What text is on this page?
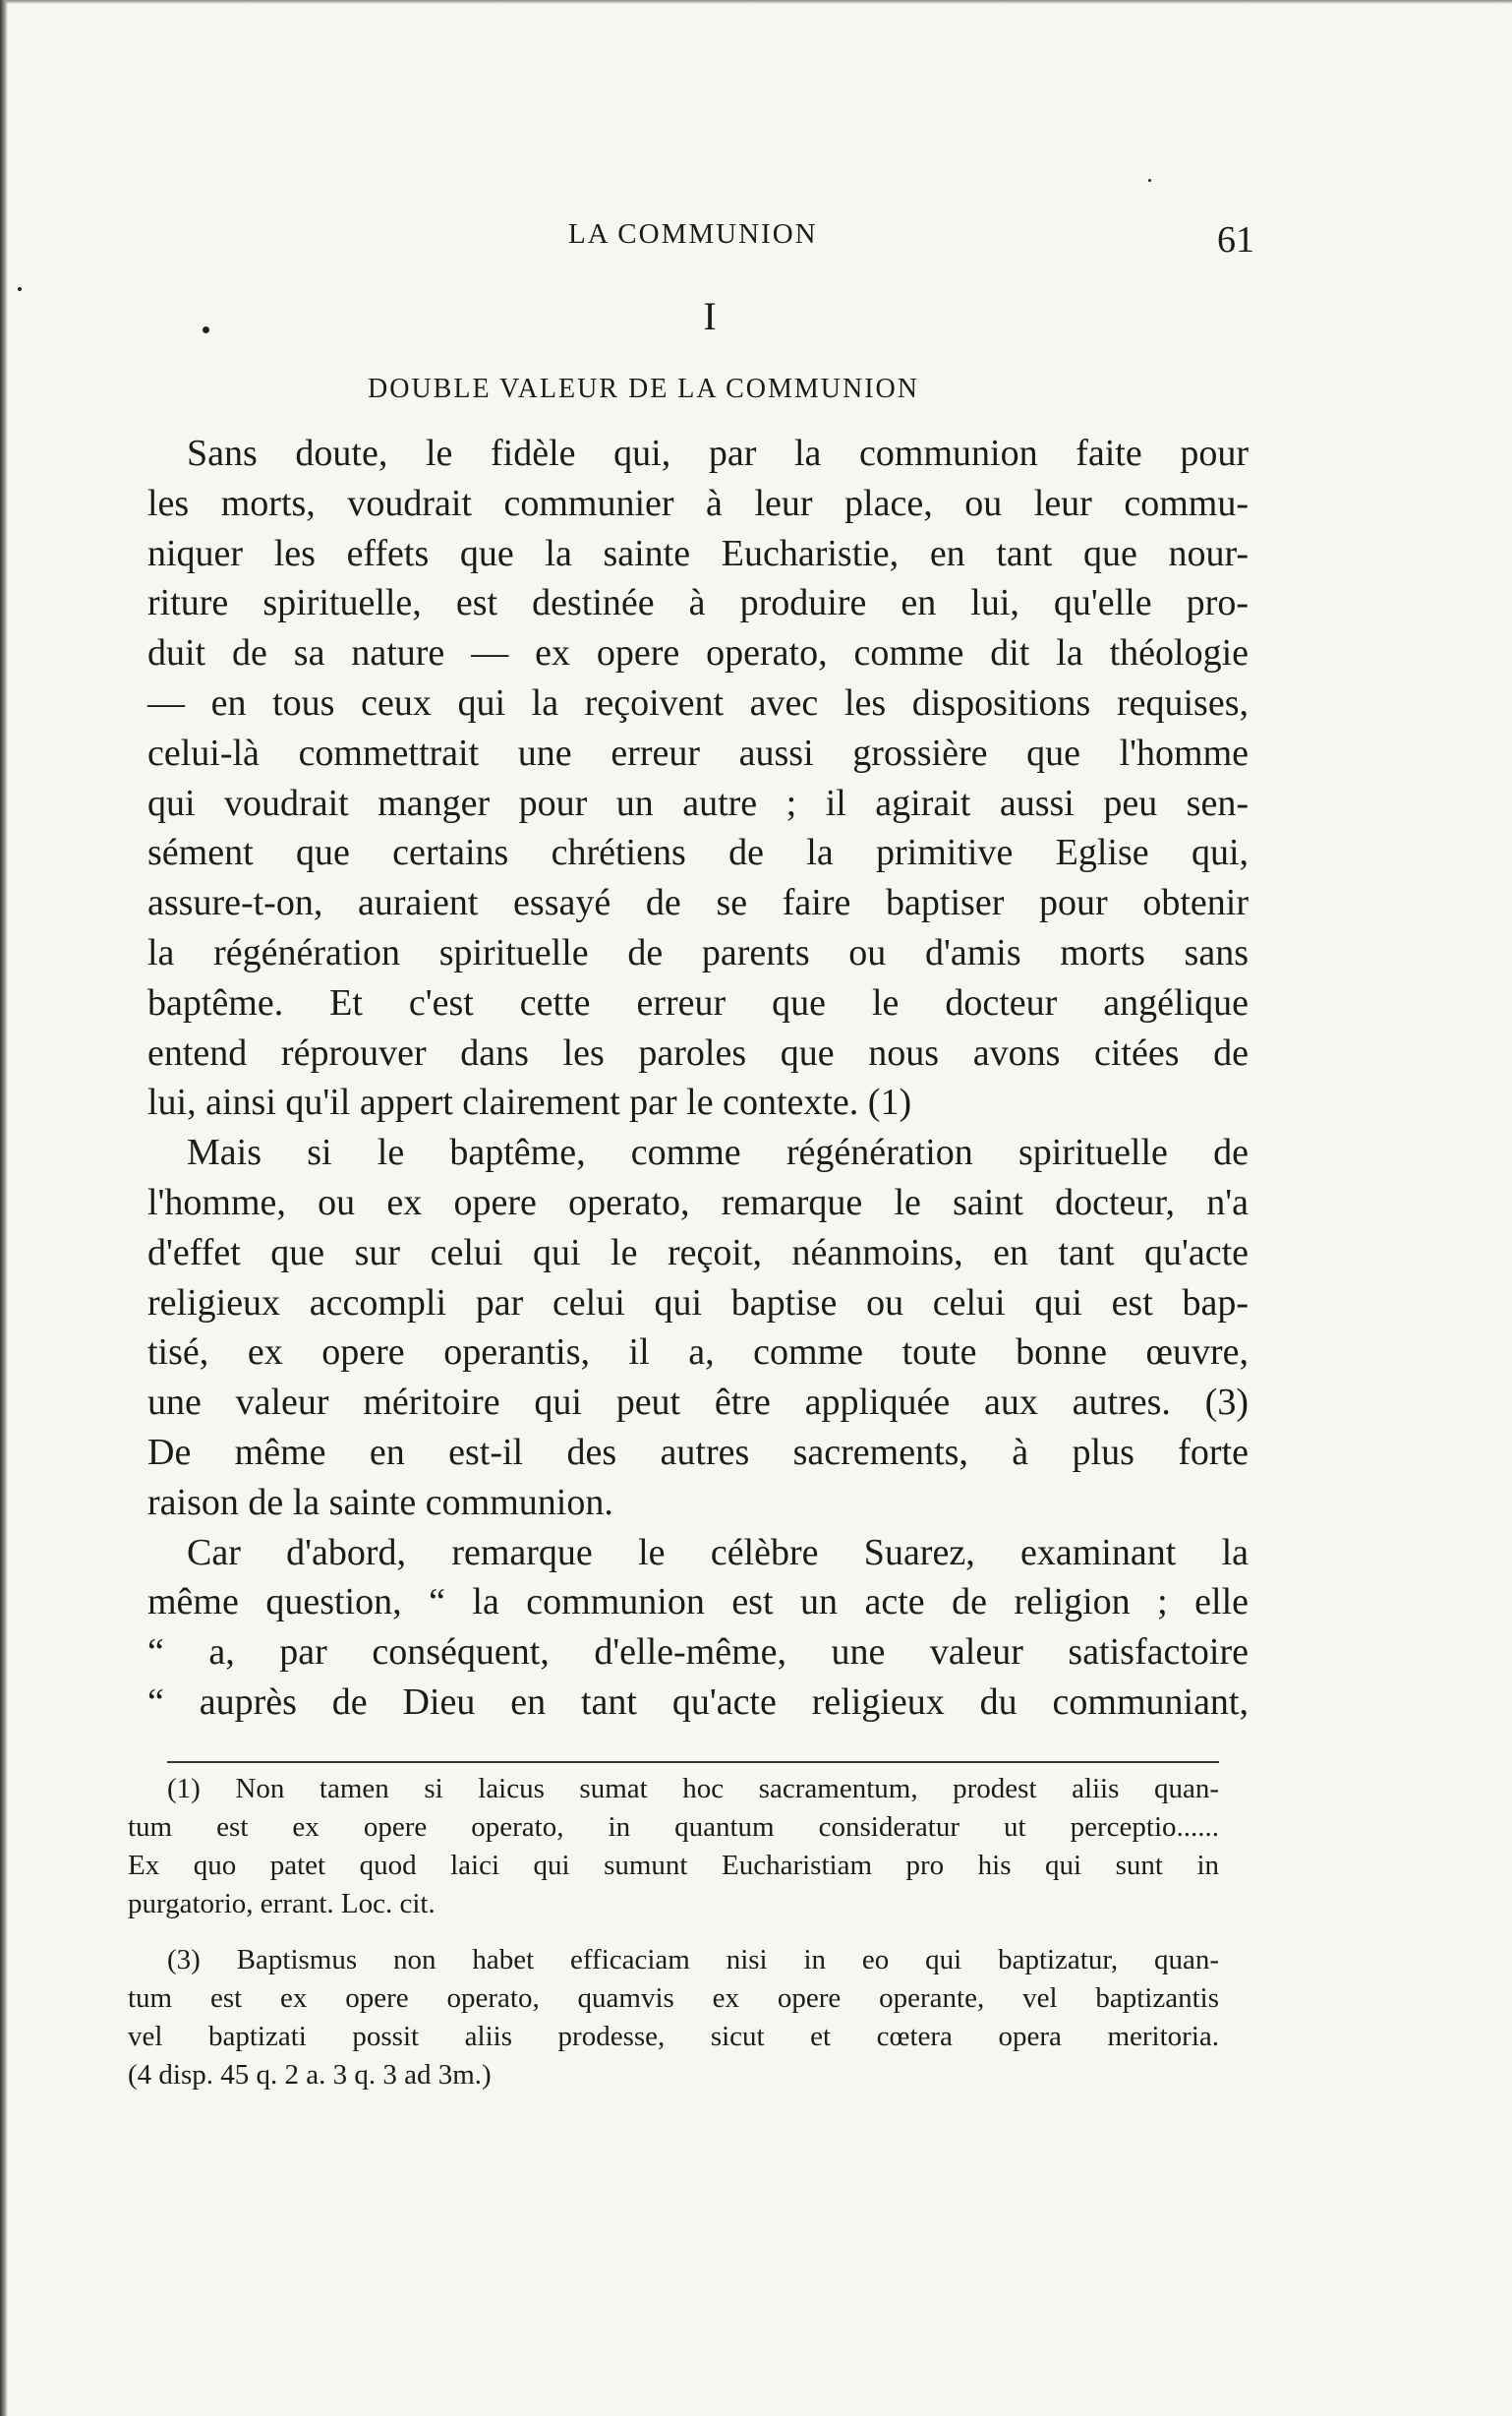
LA COMMUNION	61
I
DOUBLE VALEUR DE LA COMMUNION
Sans doute, le fidèle qui, par la communion faite pour
les morts, voudrait communier à leur place, ou leur commu-
niquer les effets que la sainte Eucharistie, en tant que nour-
riture spirituelle, est destinée à produire en lui, qu'elle pro-
duit de sa nature — ex opere operato, comme dit la théologie
— en tous ceux qui la reçoivent avec les dispositions requises,
celui-là commettrait une erreur aussi grossière que l'homme
qui voudrait manger pour un autre ; il agirait aussi peu sen-
sément que certains chrétiens de la primitive Eglise qui,
assure-t-on, auraient essayé de se faire baptiser pour obtenir
la régénération spirituelle de parents ou d'amis morts sans
baptême. Et c'est cette erreur que le docteur angélique
entend réprouver dans les paroles que nous avons citées de
lui, ainsi qu'il appert clairement par le contexte. (1)
Mais si le baptême, comme régénération spirituelle de
l'homme, ou ex opere operato, remarque le saint docteur, n'a
d'effet que sur celui qui le reçoit, néanmoins, en tant qu'acte
religieux accompli par celui qui baptise ou celui qui est bap-
tisé, ex opere operantis, il a, comme toute bonne œuvre,
une valeur méritoire qui peut être appliquée aux autres. (3)
De même en est-il des autres sacrements, à plus forte
raison de la sainte communion.
Car d'abord, remarque le célèbre Suarez, examinant la
même question, “ la communion est un acte de religion ; elle
“ a, par conséquent, d'elle-même, une valeur satisfactoire
“ auprès de Dieu en tant qu'acte religieux du communiant,
(1) Non tamen si laicus sumat hoc sacramentum, prodest aliis quan-
tum est ex opere operato, in quantum consideratur ut perceptio......
Ex quo patet quod laici qui sumunt Eucharistiam pro his qui sunt in
purgatorio, errant. Loc. cit.
(3) Baptismus non habet efficaciam nisi in eo qui baptizatur, quan-
tum est ex opere operato, quamvis ex opere operante, vel baptizantis
vel baptizati possit aliis prodesse, sicut et cœtera opera meritoria.
(4 disp. 45 q. 2 a. 3 q. 3 ad 3m.)
